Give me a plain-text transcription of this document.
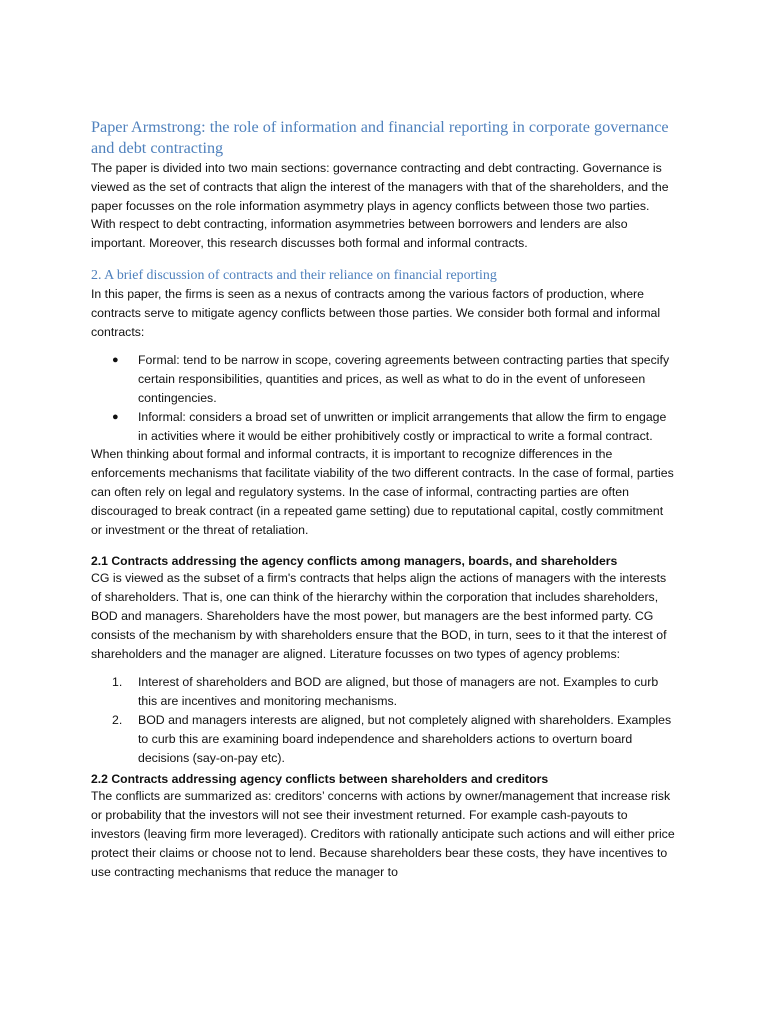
Paper Armstrong: the role of information and financial reporting in corporate governance and debt contracting

The paper is divided into two main sections: governance contracting and debt contracting. Governance is viewed as the set of contracts that align the interest of the managers with that of the shareholders, and the paper focusses on the role information asymmetry plays in agency conflicts between those two parties. With respect to debt contracting, information asymmetries between borrowers and lenders are also important. Moreover, this research discusses both formal and informal contracts.

2. A brief discussion of contracts and their reliance on financial reporting

In this paper, the firms is seen as a nexus of contracts among the various factors of production, where contracts serve to mitigate agency conflicts between those parties. We consider both formal and informal contracts:

● Formal: tend to be narrow in scope, covering agreements between contracting parties that specify certain responsibilities, quantities and prices, as well as what to do in the event of unforeseen contingencies.
● Informal: considers a broad set of unwritten or implicit arrangements that allow the firm to engage in activities where it would be either prohibitively costly or impractical to write a formal contract.

When thinking about formal and informal contracts, it is important to recognize differences in the enforcements mechanisms that facilitate viability of the two different contracts. In the case of formal, parties can often rely on legal and regulatory systems. In the case of informal, contracting parties are often discouraged to break contract (in a repeated game setting) due to reputational capital, costly commitment or investment or the threat of retaliation.

2.1 Contracts addressing the agency conflicts among managers, boards, and shareholders

CG is viewed as the subset of a firm's contracts that helps align the actions of managers with the interests of shareholders. That is, one can think of the hierarchy within the corporation that includes shareholders, BOD and managers. Shareholders have the most power, but managers are the best informed party. CG consists of the mechanism by with shareholders ensure that the BOD, in turn, sees to it that the interest of shareholders and the manager are aligned. Literature focusses on two types of agency problems:

1. Interest of shareholders and BOD are aligned, but those of managers are not. Examples to curb this are incentives and monitoring mechanisms.
2. BOD and managers interests are aligned, but not completely aligned with shareholders. Examples to curb this are examining board independence and shareholders actions to overturn board decisions (say-on-pay etc).
2.2 Contracts addressing agency conflicts between shareholders and creditors

The conflicts are summarized as: creditors’ concerns with actions by owner/management that increase risk or probability that the investors will not see their investment returned. For example cash-payouts to investors (leaving firm more leveraged). Creditors with rationally anticipate such actions and will either price protect their claims or choose not to lend. Because shareholders bear these costs, they have incentives to use contracting mechanisms that reduce the manager to
